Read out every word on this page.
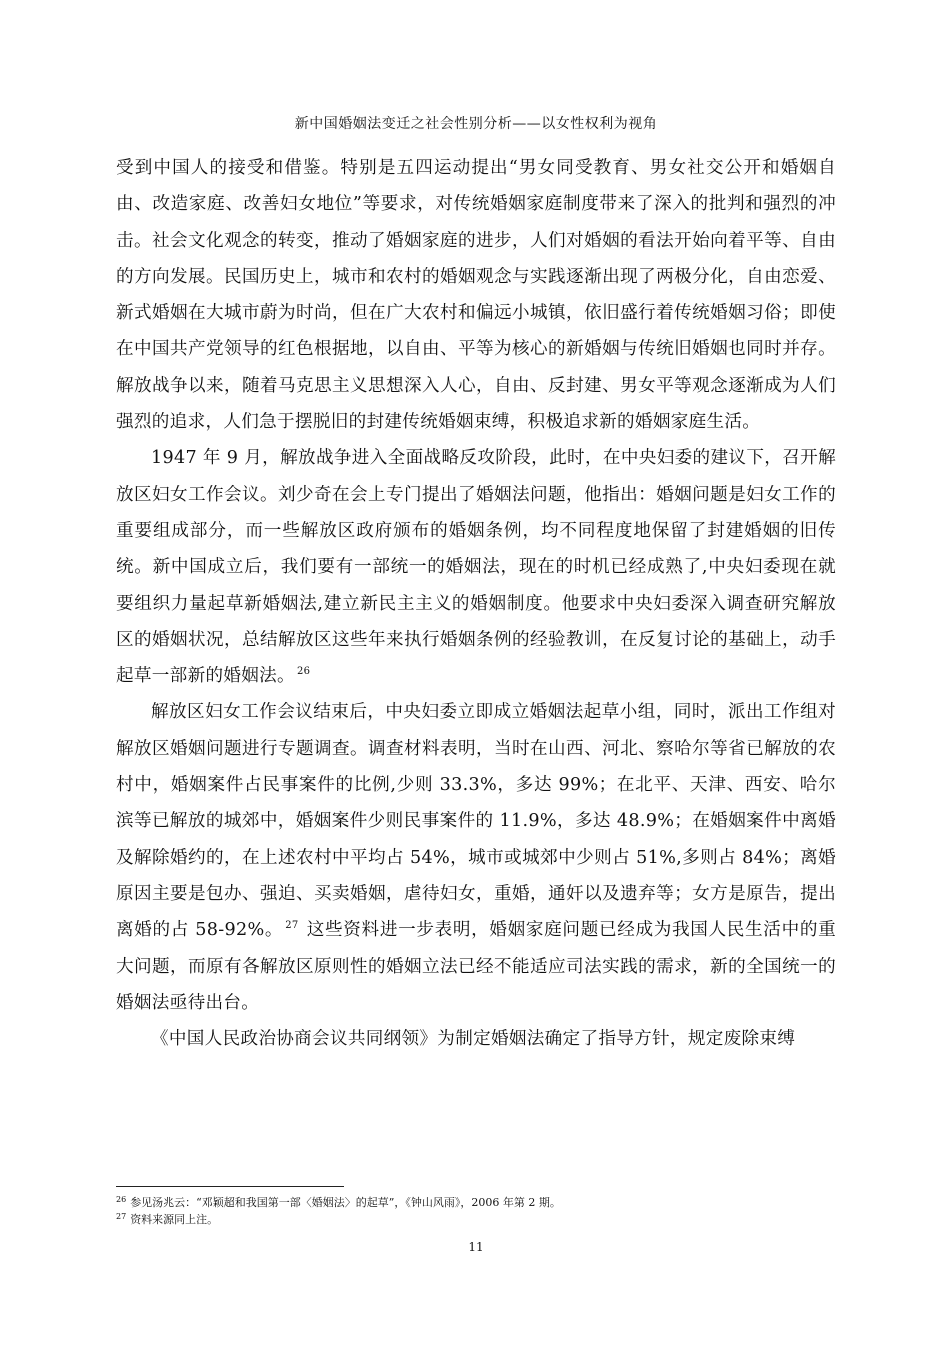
新中国婚姻法变迁之社会性别分析——以女性权利为视角

受到中国人的接受和借鉴。特别是五四运动提出“男女同受教育、男女社交公开和婚姻自由、改造家庭、改善妇女地位”等要求，对传统婚姻家庭制度带来了深入的批判和强烈的冲击。社会文化观念的转变，推动了婚姻家庭的进步，人们对婚姻的看法开始向着平等、自由的方向发展。民国历史上，城市和农村的婚姻观念与实践逐渐出现了两极分化，自由恋爱、新式婚姻在大城市蔚为时尚，但在广大农村和偏远小城镇，依旧盛行着传统婚姻习俗；即使在中国共产党领导的红色根据地，以自由、平等为核心的新婚姻与传统旧婚姻也同时并存。解放战争以来，随着马克思主义思想深入人心，自由、反封建、男女平等观念逐渐成为人们强烈的追求，人们急于摆脱旧的封建传统婚姻束缚，积极追求新的婚姻家庭生活。

1947 年 9 月，解放战争进入全面战略反攻阶段，此时，在中央妇委的建议下，召开解放区妇女工作会议。刘少奇在会上专门提出了婚姻法问题，他指出：婚姻问题是妇女工作的重要组成部分，而一些解放区政府颁布的婚姻条例，均不同程度地保留了封建婚姻的旧传统。新中国成立后，我们要有一部统一的婚姻法，现在的时机已经成熟了,中央妇委现在就要组织力量起草新婚姻法,建立新民主主义的婚姻制度。他要求中央妇委深入调查研究解放区的婚姻状况，总结解放区这些年来执行婚姻条例的经验教训，在反复讨论的基础上，动手起草一部新的婚姻法。 $^{26}$

解放区妇女工作会议结束后，中央妇委立即成立婚姻法起草小组，同时，派出工作组对解放区婚姻问题进行专题调查。调查材料表明，当时在山西、河北、察哈尔等省已解放的农村中，婚姻案件占民事案件的比例,少则 33.3%，多达 99%；在北平、天津、西安、哈尔滨等已解放的城郊中，婚姻案件少则民事案件的 11.9%，多达 48.9%；在婚姻案件中离婚及解除婚约的，在上述农村中平均占 54%，城市或城郊中少则占 51%,多则占 84%；离婚原因主要是包办、强迫、买卖婚姻，虐待妇女，重婚，通奸以及遗弃等；女方是原告，提出离婚的占 58-92%。 $^{27}$ 这些资料进一步表明，婚姻家庭问题已经成为我国人民生活中的重大问题，而原有各解放区原则性的婚姻立法已经不能适应司法实践的需求，新的全国统一的婚姻法亟待出台。

《中国人民政治协商会议共同纲领》为制定婚姻法确定了指导方针，规定废除束缚

$^{26}$ 参见汤兆云：“邓颖超和我国第一部〈婚姻法〉的起草”，《钟山风雨》，2006 年第 2 期。

$^{27}$ 资料来源同上注。

11
